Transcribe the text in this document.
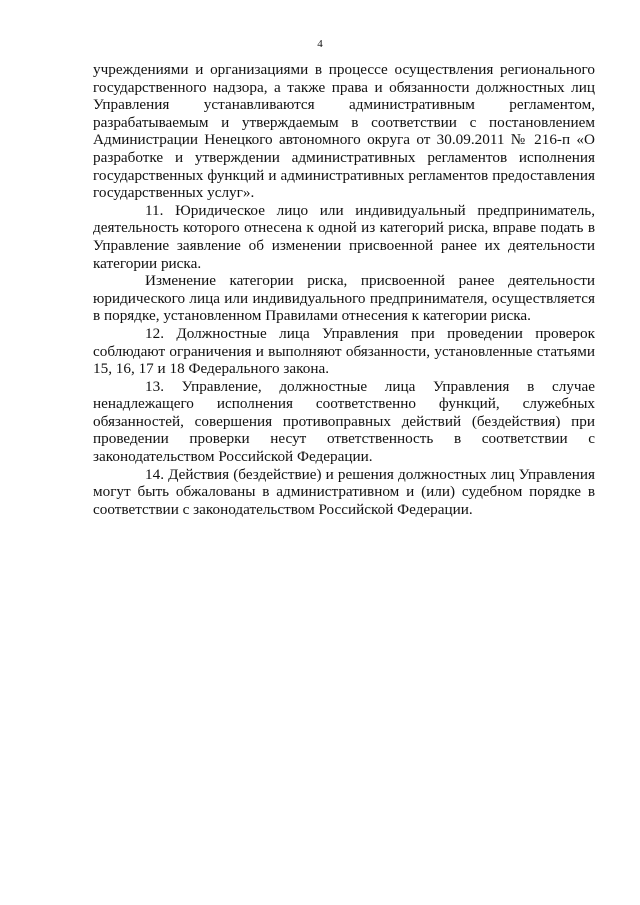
4

учреждениями и организациями в процессе осуществления регионального государственного надзора, а также права и обязанности должностных лиц Управления устанавливаются административным регламентом, разрабатываемым и утверждаемым в соответствии с постановлением Администрации Ненецкого автономного округа от 30.09.2011 № 216-п «О разработке и утверждении административных регламентов исполнения государственных функций и административных регламентов предоставления государственных услуг».

11. Юридическое лицо или индивидуальный предприниматель, деятельность которого отнесена к одной из категорий риска, вправе подать в Управление заявление об изменении присвоенной ранее их деятельности категории риска.

Изменение категории риска, присвоенной ранее деятельности юридического лица или индивидуального предпринимателя, осуществляется в порядке, установленном Правилами отнесения к категории риска.

12. Должностные лица Управления при проведении проверок соблюдают ограничения и выполняют обязанности, установленные статьями 15, 16, 17 и 18 Федерального закона.

13. Управление, должностные лица Управления в случае ненадлежащего исполнения соответственно функций, служебных обязанностей, совершения противоправных действий (бездействия) при проведении проверки несут ответственность в соответствии с законодательством Российской Федерации.

14. Действия (бездействие) и решения должностных лиц Управления могут быть обжалованы в административном и (или) судебном порядке в соответствии с законодательством Российской Федерации.
